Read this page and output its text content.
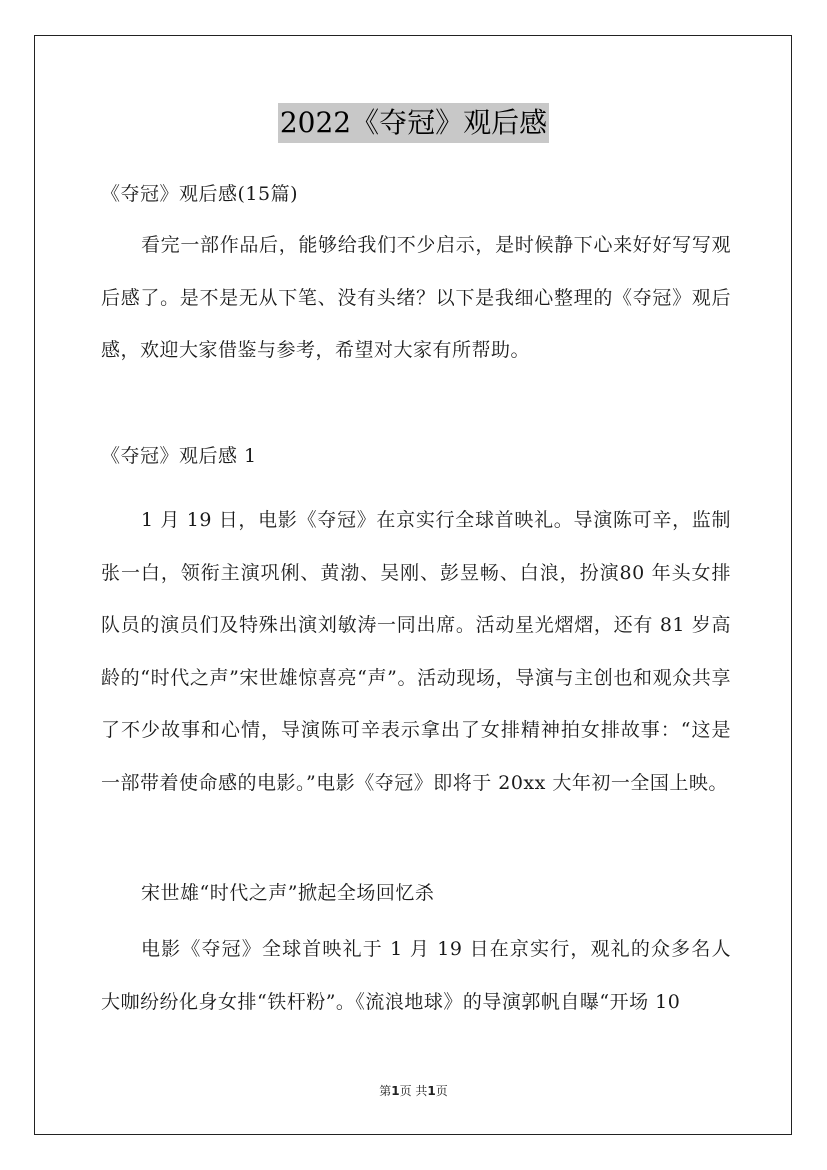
2022《夺冠》观后感

《夺冠》观后感(15篇)

看完一部作品后，能够给我们不少启示，是时候静下心来好好写写观后感了。是不是无从下笔、没有头绪？以下是我细心整理的《夺冠》观后感，欢迎大家借鉴与参考，希望对大家有所帮助。

《夺冠》观后感 1

1 月 19 日，电影《夺冠》在京实行全球首映礼。导演陈可辛，监制张一白，领衔主演巩俐、黄渤、吴刚、彭昱畅、白浪，扮演80 年头女排队员的演员们及特殊出演刘敏涛一同出席。活动星光熠熠，还有 81 岁高龄的“时代之声”宋世雄惊喜亮“声”。活动现场，导演与主创也和观众共享了不少故事和心情，导演陈可辛表示拿出了女排精神拍女排故事：“这是一部带着使命感的电影。”电影《夺冠》即将于 20xx 大年初一全国上映。

宋世雄“时代之声”掀起全场回忆杀

电影《夺冠》全球首映礼于 1 月 19 日在京实行，观礼的众多名人大咖纷纷化身女排“铁杆粉”。《流浪地球》的导演郭帆自曝“开场 10

第1页 共1页
